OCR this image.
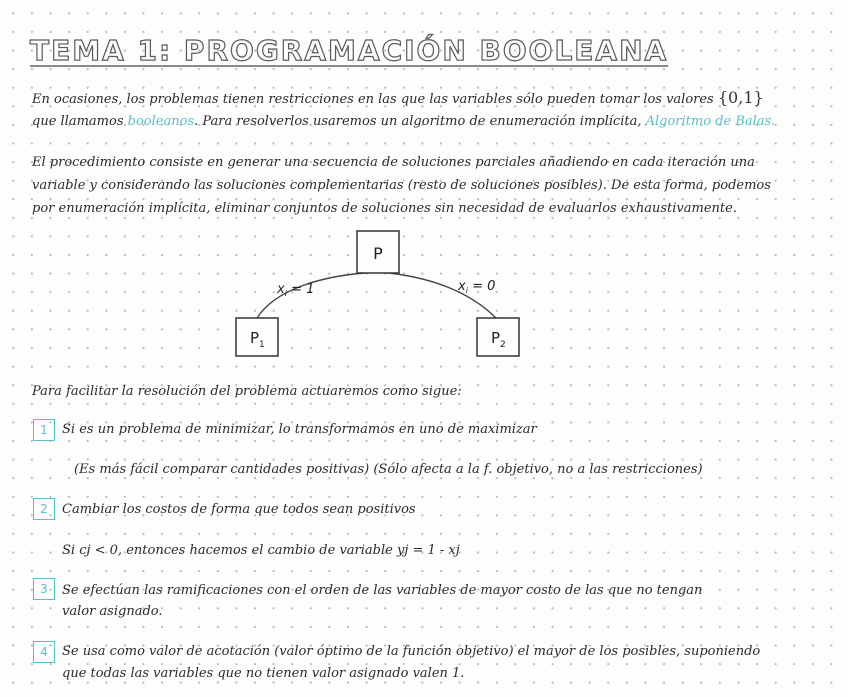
TEMA 1: PROGRAMACIÓN BOOLEANA

En ocasiones, los problemas tienen restricciones en las que las variables sólo pueden tomar los valores {0,1}

que llamamos booleanos. Para resolverlos usaremos un algoritmo de enumeración implícita, Algoritmo de Balas.

El procedimiento consiste en generar una secuencia de soluciones parciales añadiendo en cada iteración una

variable y considerando las soluciones complementarias (resto de soluciones posibles). De esta forma, podemos

por enumeración implícita, eliminar conjuntos de soluciones sin necesidad de evaluarlos exhaustivamente.

P
$P_1$	$P_2$
$x_i = 1$	$x_i = 0$

Para facilitar la resolución del problema actuaremos como sigue:

1	Si es un problema de minimizar, lo transformamos en uno de maximizar

(Es más fácil comparar cantidades positivas) (Sólo afecta a la f. objetivo, no a las restricciones)

2	Cambiar los costos de forma que todos sean positivos

Si cj < 0, entonces hacemos el cambio de variable yj = 1 - xj

3	Se efectúan las ramificaciones con el orden de las variables de mayor costo de las que no tengan

valor asignado.

4	Se usa como valor de acotación (valor óptimo de la función objetivo) el mayor de los posibles, suponiendo

que todas las variables que no tienen valor asignado valen 1.
